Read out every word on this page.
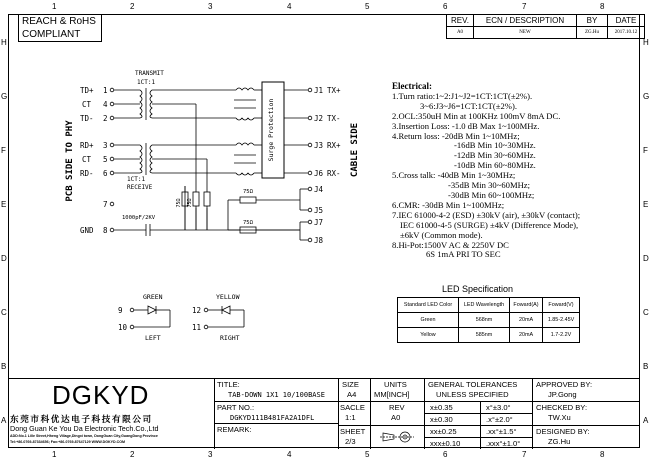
1	2	3	4	5	6	7	8
1	2	3	4	5	6	7	8
H
G
F
E
D
C
B
A
H
G
F
E
D
C
B
A
REACH & RoHS
COMPLIANT
REV.	ECN / DESCRIPTION	BY	DATE
A0	NEW	ZG.Hu	2017.10.12
PCB SIDE TO PHY	CABLE SIDE
TRANSMIT
1CT:1
1CT:1
RECEIVE
TD+ 1
CT 4
TD- 2
RD+ 3
CT 5
RD- 6
7
GND 8
Surge Protection
1000pF/2KV
75Ω 75Ω
75Ω
75Ω
J1 TX+
J2 TX-
J3 RX+
J6 RX-
J4
J5
J7
J8
GREEN	YELLOW
9
10
12
11
LEFT	RIGHT
Electrical:
1.Turn ratio:1~2:J1~J2=1CT:1CT(±2%).
3~6:J3~J6=1CT:1CT(±2%).
2.OCL:350uH Min at 100KHz 100mV 8mA DC.
3.Insertion Loss: -1.0 dB Max 1~100MHz.
4.Return loss: -20dB Min 1~10MHz;
-16dB Min 10~30MHz.
-12dB Min 30~60MHz.
-10dB Min 60~80MHz.
5.Cross talk: -40dB Min 1~30MHz;
-35dB Min 30~60MHz;
-30dB Min 60~100MHz;
6.CMR: -30dB Min 1~100MHz;
7.IEC 61000-4-2 (ESD) ±30kV (air), ±30kV (contact);
IEC 61000-4-5 (SURGE) ±4kV (Difference Mode),
±6kV (Common mode).
8.Hi-Pot:1500V AC & 2250V DC
6S 1mA PRI TO SEC
LED Specification
Standard LED Color	LED Wavelength	Foward(A)	Foward(V)
Green	568nm	20mA	1.85-2.45V
Yellow	585nm	20mA	1.7-2.2V
DGKYD
东莞市科优达电子科技有限公司
Dong Guan Ke You Da Electronic Tech.Co.,Ltd
ADD:No.1 Lille Street,Hheng Village,Dingxi town, DongGuan City,GuangDong Province
Tel:+86-0769-87334656; Fax:+86-0769-87647129 WWW.DGKYD.COM
TITLE:
TAB-DOWN 1X1 10/100BASE
PART NO.:
DGKYD111B481FA2A1DFL
REMARK:
SIZE
A4
UNITS
MM[INCH]
SACLE
1:1
REV
A0
SHEET
2/3
GENERAL TOLERANCES
UNLESS SPECIFIED
x±0.35	x°±3.0°
x±0.30	.x°±2.0°
xx±0.25	.xx°±1.5°
xxx±0.10	.xxx°±1.0°
APPROVED BY:
JP.Gong
CHECKED BY:
TW.Xu
DESIGNED BY:
ZG.Hu
